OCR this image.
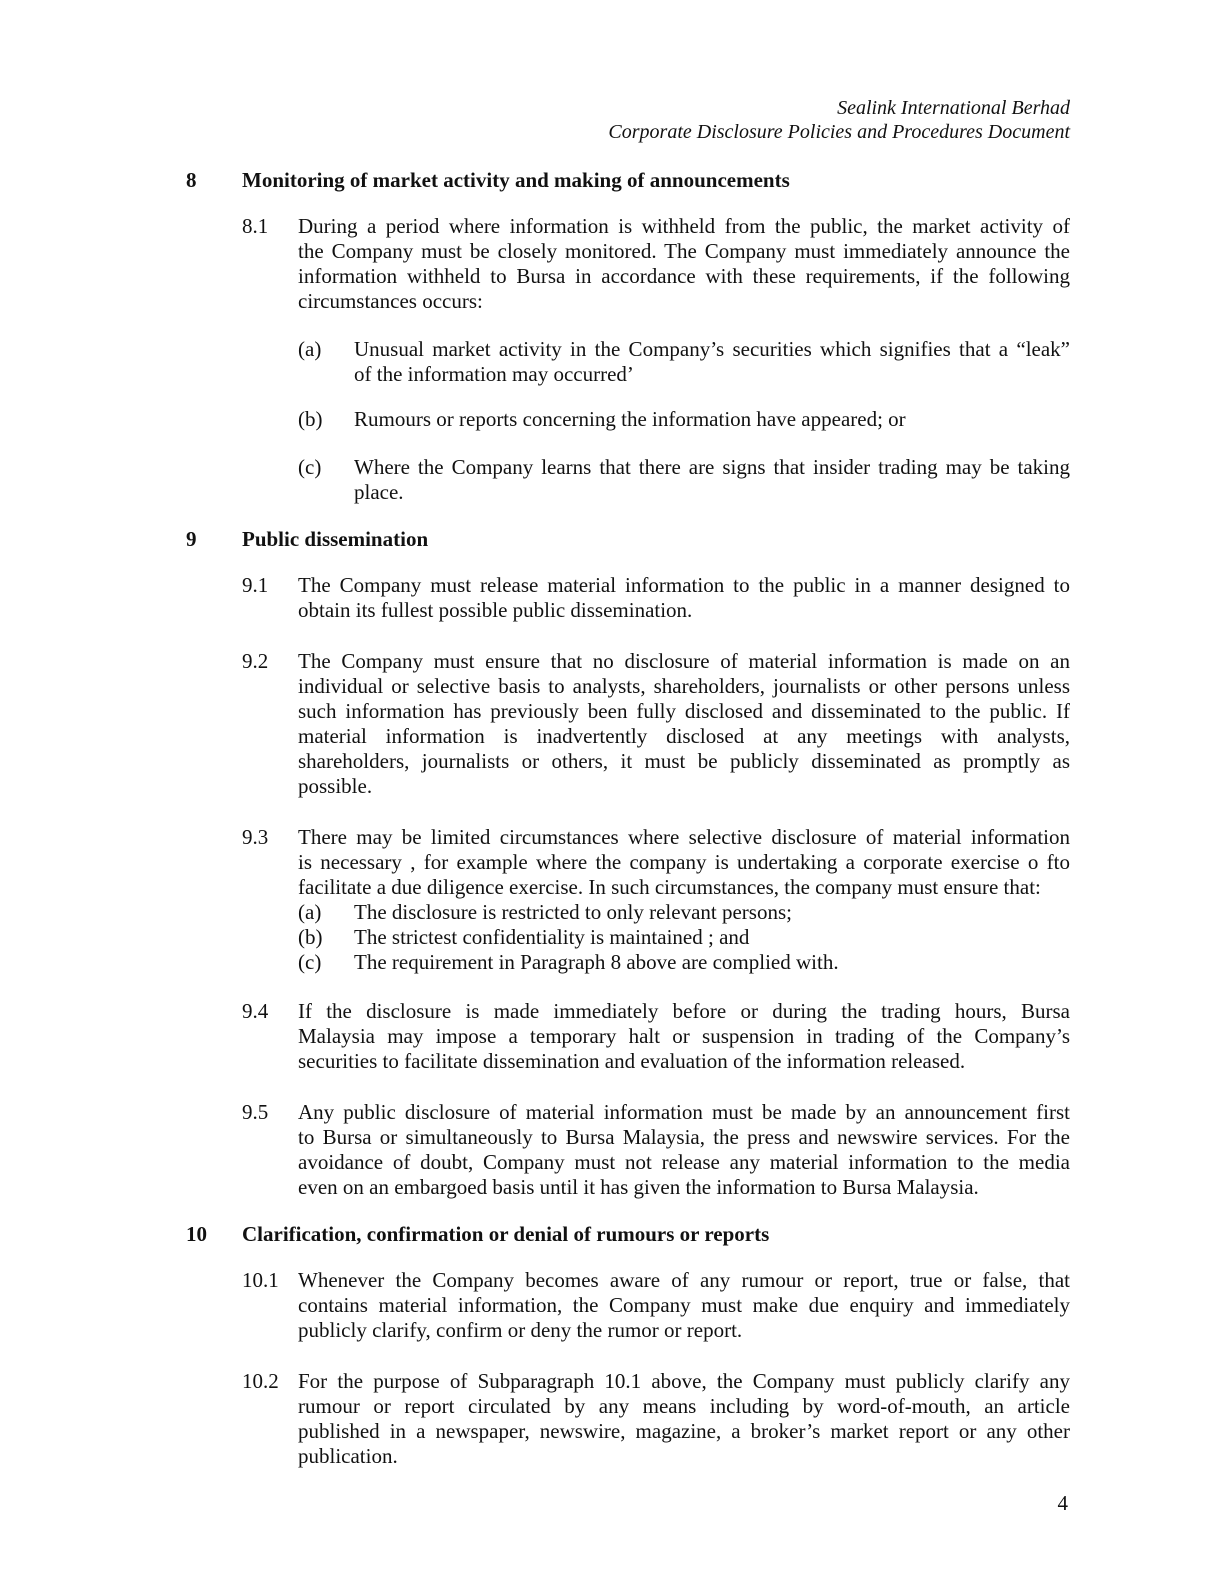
Sealink International Berhad
Corporate Disclosure Policies and Procedures Document
8 Monitoring of market activity and making of announcements
8.1 During a period where information is withheld from the public, the market activity of
the Company must be closely monitored. The Company must immediately announce the
information withheld to Bursa in accordance with these requirements, if the following
circumstances occurs:
(a) Unusual market activity in the Company’s securities which signifies that a “leak”
of the information may occurred’
(b) Rumours or reports concerning the information have appeared; or
(c) Where the Company learns that there are signs that insider trading may be taking
place.
9 Public dissemination
9.1 The Company must release material information to the public in a manner designed to
obtain its fullest possible public dissemination.
9.2 The Company must ensure that no disclosure of material information is made on an
individual or selective basis to analysts, shareholders, journalists or other persons unless
such information has previously been fully disclosed and disseminated to the public. If
material information is inadvertently disclosed at any meetings with analysts,
shareholders, journalists or others, it must be publicly disseminated as promptly as
possible.
9.3 There may be limited circumstances where selective disclosure of material information
is necessary , for example where the company is undertaking a corporate exercise o fto
facilitate a due diligence exercise. In such circumstances, the company must ensure that:
(a) The disclosure is restricted to only relevant persons;
(b) The strictest confidentiality is maintained ; and
(c) The requirement in Paragraph 8 above are complied with.
9.4 If the disclosure is made immediately before or during the trading hours, Bursa
Malaysia may impose a temporary halt or suspension in trading of the Company’s
securities to facilitate dissemination and evaluation of the information released.
9.5 Any public disclosure of material information must be made by an announcement first
to Bursa or simultaneously to Bursa Malaysia, the press and newswire services. For the
avoidance of doubt, Company must not release any material information to the media
even on an embargoed basis until it has given the information to Bursa Malaysia.
10 Clarification, confirmation or denial of rumours or reports
10.1 Whenever the Company becomes aware of any rumour or report, true or false, that
contains material information, the Company must make due enquiry and immediately
publicly clarify, confirm or deny the rumor or report.
10.2 For the purpose of Subparagraph 10.1 above, the Company must publicly clarify any
rumour or report circulated by any means including by word-of-mouth, an article
published in a newspaper, newswire, magazine, a broker’s market report or any other
publication.
4
